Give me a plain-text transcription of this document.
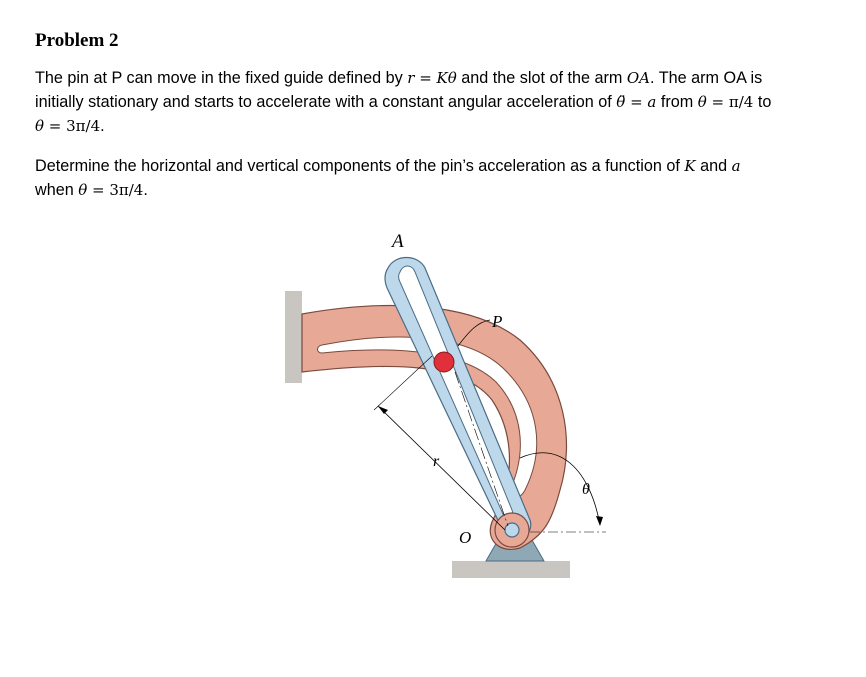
Problem 2
The pin at P can move in the fixed guide defined by r = Kθ and the slot of the arm OA. The arm OA is
initially stationary and starts to accelerate with a constant angular acceleration of θ̈ = a from θ = π/4 to
θ = 3π/4.
Determine the horizontal and vertical components of the pin’s acceleration as a function of K and a
when θ = 3π/4.
A
P
r
O
θ
